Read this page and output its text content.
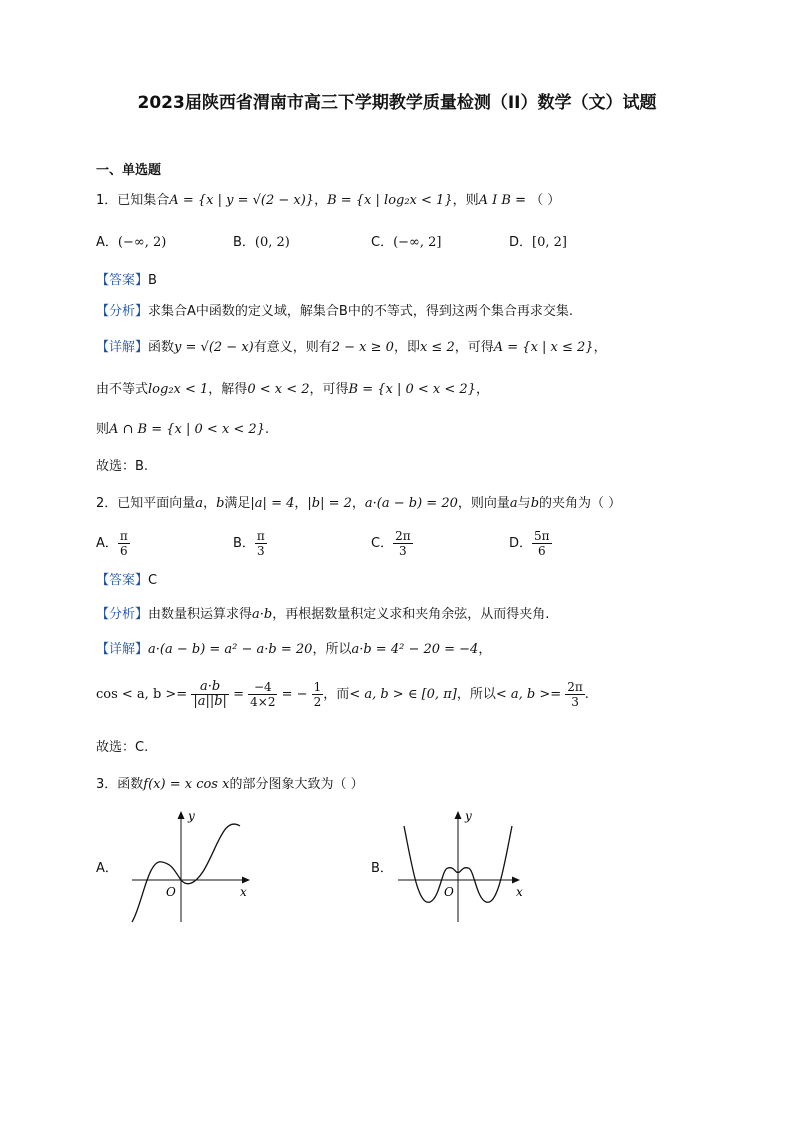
2023届陕西省渭南市高三下学期教学质量检测（II）数学（文）试题
一、单选题
1．已知集合A = {x | y = √(2 − x)}，B = {x | log₂x < 1}，则A I B = （ ）
A．(−∞, 2)	B．(0, 2)	C．(−∞, 2]	D．[0, 2]
【答案】B
【分析】求集合A中函数的定义域，解集合B中的不等式，得到这两个集合再求交集.
【详解】函数y = √(2 − x)有意义，则有2 − x ≥ 0，即x ≤ 2，可得A = {x | x ≤ 2}，
由不等式log₂x < 1，解得0 < x < 2，可得B = {x | 0 < x < 2}，
则A ∩ B = {x | 0 < x < 2}.
故选：B.
2．已知平面向量a，b满足|a| = 4，|b| = 2，a·(a − b) = 20，则向量a与b的夹角为（ ）
A． $\frac{\pi}{6}$	B． $\frac{\pi}{3}$	C． $\frac{2\pi}{3}$	D． $\frac{5\pi}{6}$
【答案】C
【分析】由数量积运算求得a·b，再根据数量积定义求和夹角余弦，从而得夹角.
【详解】a·(a − b) = a² − a·b = 20，所以a·b = 4² − 20 = −4，
cos < a, $b >= \frac{a\cdot b}{|a||b|} = \frac{-4}{4\times 2}$ = − $\frac{1}{2}$ ，而< a, b > ∈ [0, π]，所以< a, $b >= \frac{2\pi}{3}$ .
故选：C.
3．函数f(x) = x cos x的部分图象大致为（ ）
A．
y
x
O
B．
y
x
O
